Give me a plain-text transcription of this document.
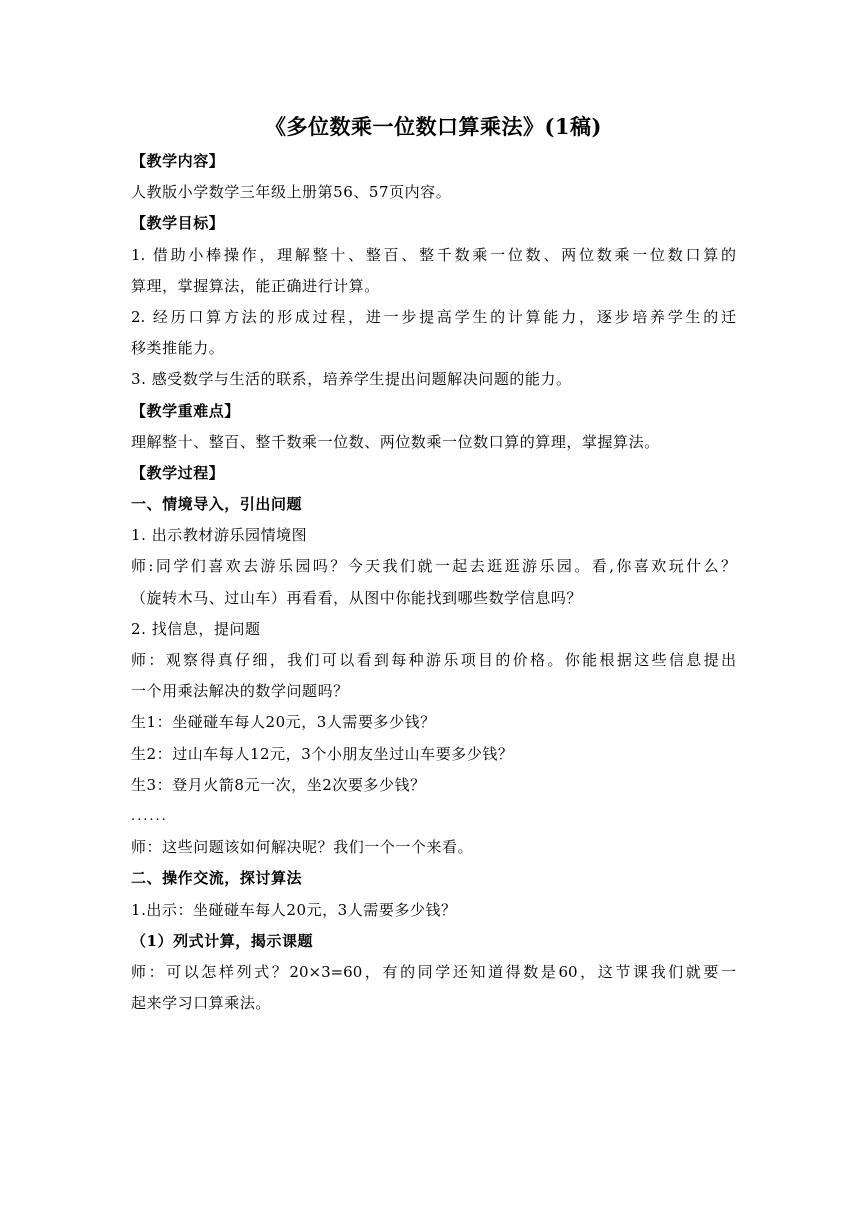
《多位数乘一位数口算乘法》(1稿)
【教学内容】
人教版小学数学三年级上册第56、57页内容。
【教学目标】
1. 借助小棒操作，理解整十、整百、整千数乘一位数、两位数乘一位数口算的
算理，掌握算法，能正确进行计算。
2. 经历口算方法的形成过程，进一步提高学生的计算能力，逐步培养学生的迁
移类推能力。
3. 感受数学与生活的联系，培养学生提出问题解决问题的能力。
【教学重难点】
理解整十、整百、整千数乘一位数、两位数乘一位数口算的算理，掌握算法。
【教学过程】
一、情境导入，引出问题
1. 出示教材游乐园情境图
师:同学们喜欢去游乐园吗？今天我们就一起去逛逛游乐园。看,你喜欢玩什么？
（旋转木马、过山车）再看看，从图中你能找到哪些数学信息吗？
2. 找信息，提问题
师：观察得真仔细，我们可以看到每种游乐项目的价格。你能根据这些信息提出
一个用乘法解决的数学问题吗？
生1：坐碰碰车每人20元，3人需要多少钱？
生2：过山车每人12元，3个小朋友坐过山车要多少钱？
生3：登月火箭8元一次，坐2次要多少钱？
......
师：这些问题该如何解决呢？我们一个一个来看。
二、操作交流，探讨算法
1.出示：坐碰碰车每人20元，3人需要多少钱？
（1）列式计算，揭示课题
师：可以怎样列式？20×3=60，有的同学还知道得数是60，这节课我们就要一
起来学习口算乘法。
